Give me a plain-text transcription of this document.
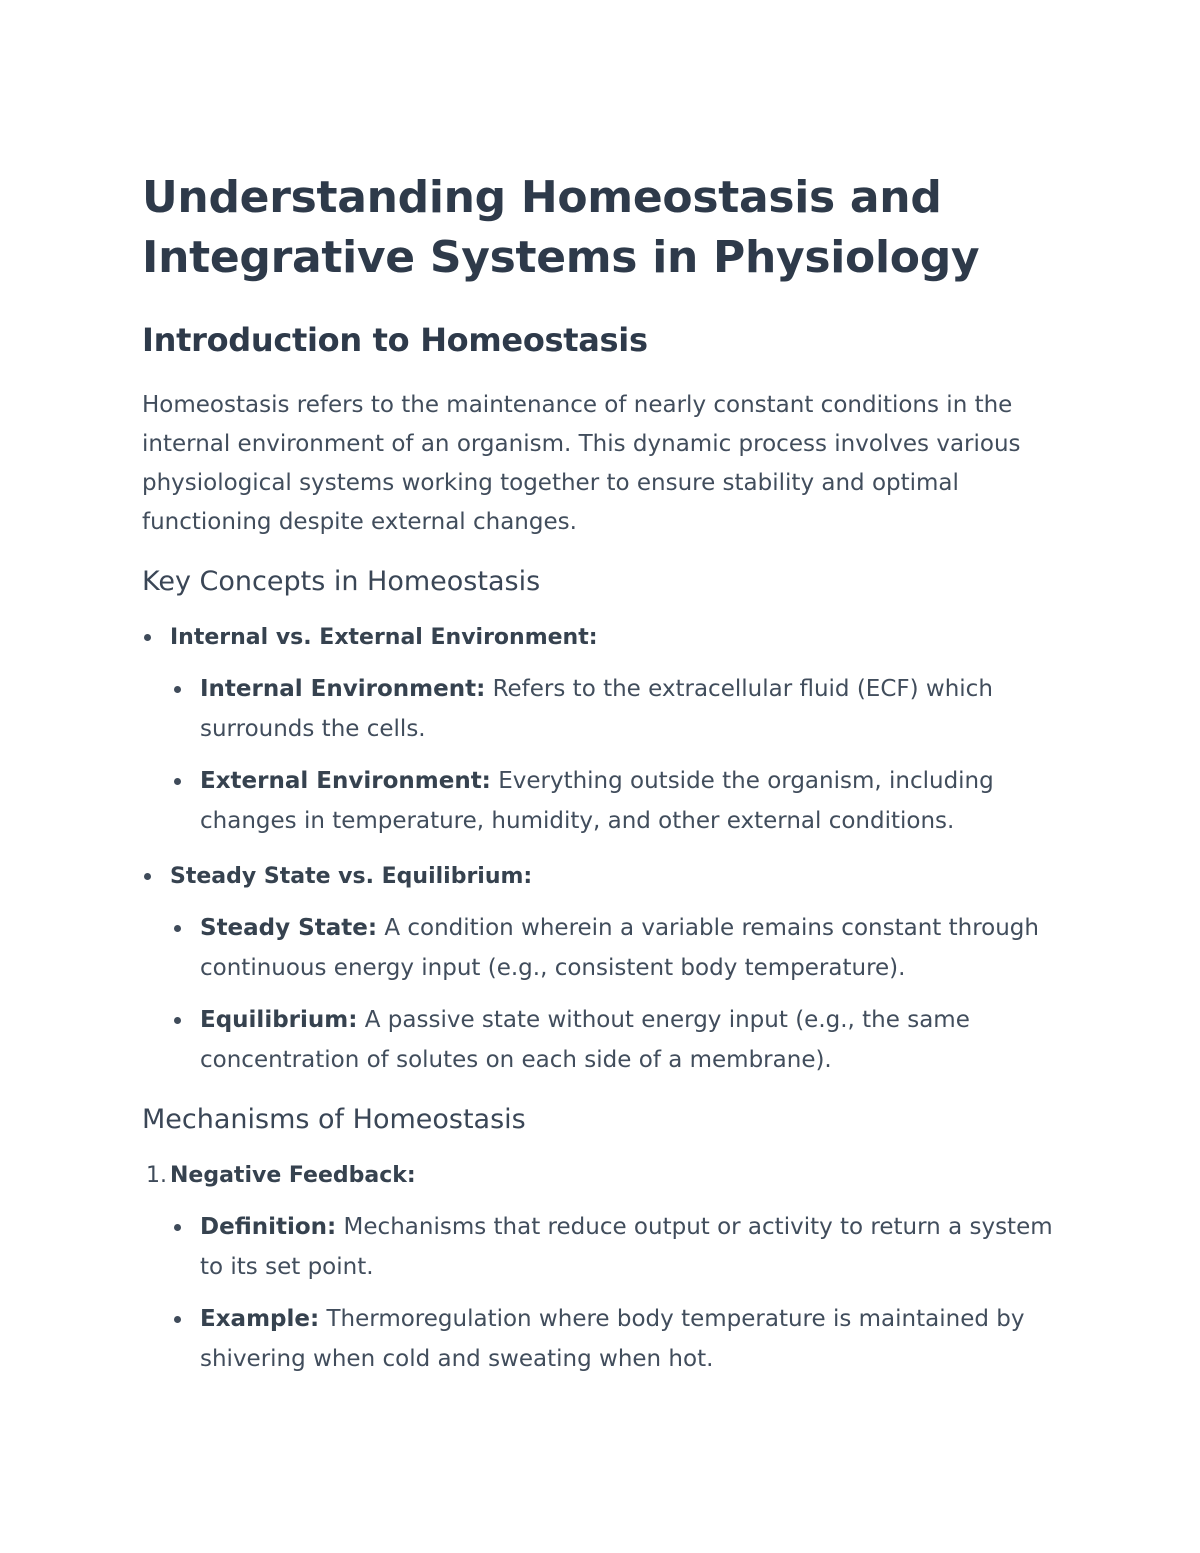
Understanding Homeostasis and Integrative Systems in Physiology
Introduction to Homeostasis

Homeostasis refers to the maintenance of nearly constant conditions in the internal environment of an organism. This dynamic process involves various physiological systems working together to ensure stability and optimal functioning despite external changes.

Key Concepts in Homeostasis
Internal vs. External Environment:
Internal Environment: Refers to the extracellular fluid (ECF) which surrounds the cells.
External Environment: Everything outside the organism, including changes in temperature, humidity, and other external conditions.
Steady State vs. Equilibrium:
Steady State: A condition wherein a variable remains constant through continuous energy input (e.g., consistent body temperature).
Equilibrium: A passive state without energy input (e.g., the same concentration of solutes on each side of a membrane).
Mechanisms of Homeostasis
1. Negative Feedback:
Definition: Mechanisms that reduce output or activity to return a system to its set point.
Example: Thermoregulation where body temperature is maintained by shivering when cold and sweating when hot.
